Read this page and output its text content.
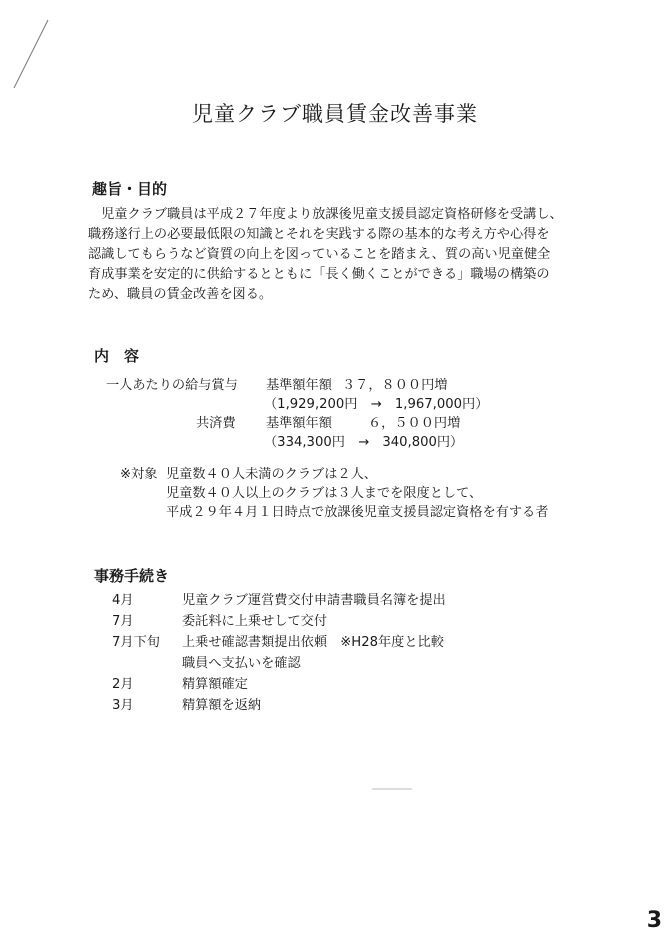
児童クラブ職員賃金改善事業
趣旨・目的

　児童クラブ職員は平成２７年度より放課後児童支援員認定資格研修を受講し、

職務遂行上の必要最低限の知識とそれを実践する際の基本的な考え方や心得を

認識してもらうなど資質の向上を図っていることを踏まえ、質の高い児童健全

育成事業を安定的に供給するとともに「長く働くことができる」職場の構築の

ため、職員の賃金改善を図る。

内　容
一人あたりの給与賞与 基準額年額 ３７，８００円増
（1,929,200円　→　1,967,000円）
共済費 基準額年額	６，５００円増
（334,300円　→　340,800円）
※対象 児童数４０人未満のクラブは２人、
児童数４０人以上のクラブは３人までを限度として、
平成２９年４月１日時点で放課後児童支援員認定資格を有する者
事務手続き
4月	児童クラブ運営費交付申請書職員名簿を提出
7月	委託料に上乗せして交付
7月下旬	上乗せ確認書類提出依頼　※H28年度と比較
職員へ支払いを確認
2月	精算額確定
3月	精算額を返納
3
